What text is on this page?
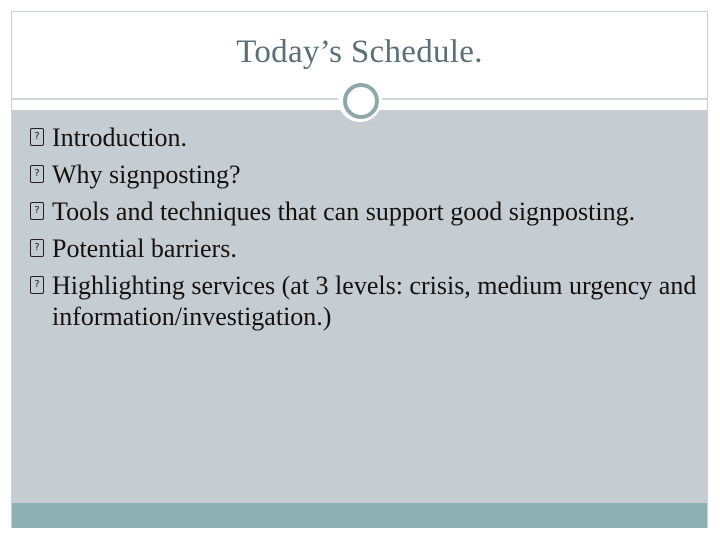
Today’s Schedule.
? Introduction.
? Why signposting?
? Tools and techniques that can support good signposting.
? Potential barriers.
? Highlighting services (at 3 levels: crisis, medium urgency and information/investigation.)
